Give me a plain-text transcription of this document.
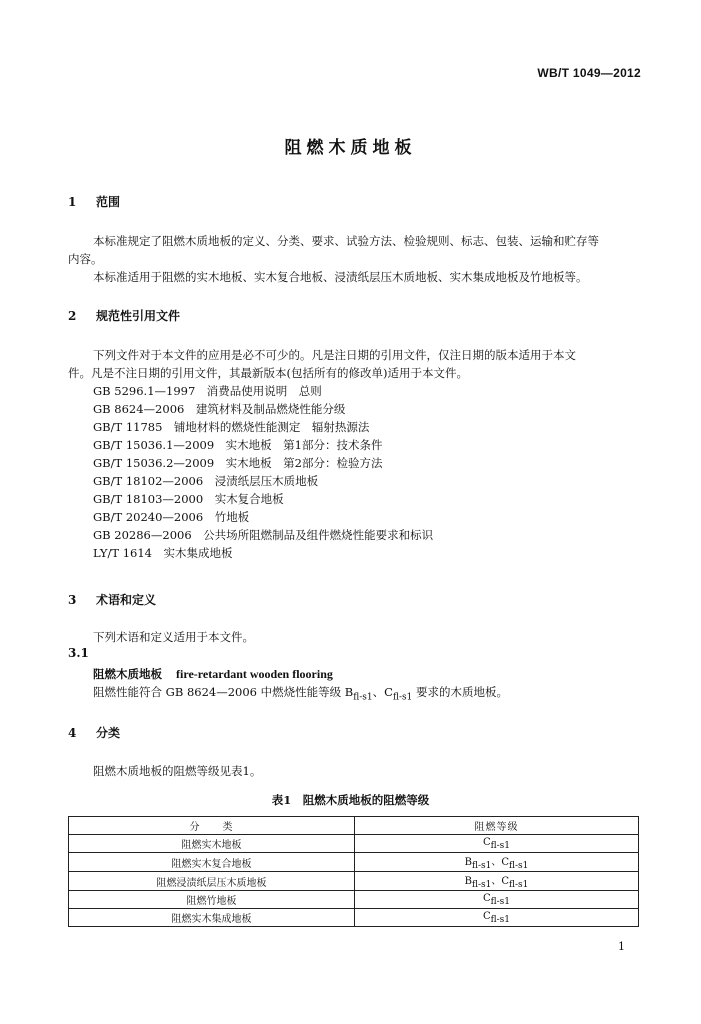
WB/T 1049—2012
阻燃木质地板
1 范围
本标准规定了阻燃木质地板的定义、分类、要求、试验方法、检验规则、标志、包装、运输和贮存等
内容。
本标准适用于阻燃的实木地板、实木复合地板、浸渍纸层压木质地板、实木集成地板及竹地板等。
2 规范性引用文件
下列文件对于本文件的应用是必不可少的。凡是注日期的引用文件，仅注日期的版本适用于本文
件。凡是不注日期的引用文件，其最新版本(包括所有的修改单)适用于本文件。
GB 5296.1—1997　消费品使用说明　总则
GB 8624—2006　建筑材料及制品燃烧性能分级
GB/T 11785　铺地材料的燃烧性能测定　辐射热源法
GB/T 15036.1—2009　实木地板　第1部分：技术条件
GB/T 15036.2—2009　实木地板　第2部分：检验方法
GB/T 18102—2006　浸渍纸层压木质地板
GB/T 18103—2000　实木复合地板
GB/T 20240—2006　竹地板
GB 20286—2006　公共场所阻燃制品及组件燃烧性能要求和标识
LY/T 1614　实木集成地板
3 术语和定义
下列术语和定义适用于本文件。
3.1
阻燃木质地板 fire-retardant wooden flooring
阻燃性能符合 GB 8624—2006 中燃烧性能等级 $B_{fl-s1}$、$C_{fl-s1}$ 要求的木质地板。
4 分类
阻燃木质地板的阻燃等级见表1。
表1　阻燃木质地板的阻燃等级
分　　类	阻燃等级
阻燃实木地板	$C_{fl-s1}$
阻燃实木复合地板	$B_{fl-s1}$、$C_{fl-s1}$
阻燃浸渍纸层压木质地板	$B_{fl-s1}$、$C_{fl-s1}$
阻燃竹地板	$C_{fl-s1}$
阻燃实木集成地板	$C_{fl-s1}$
1
